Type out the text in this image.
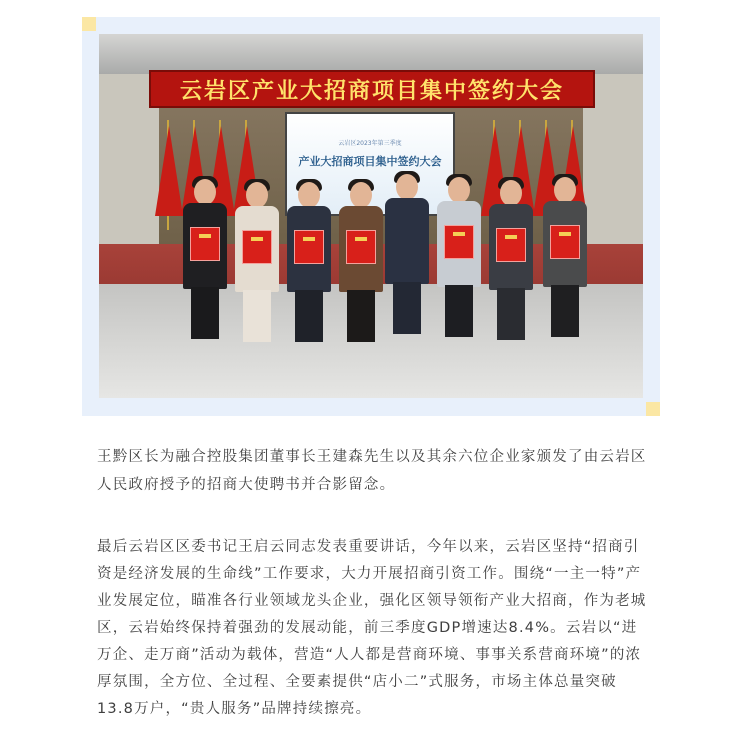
云岩区产业大招商项目集中签约大会
云岩区2023年第三季度
产业大招商项目集中签约大会

王黔区长为融合控股集团董事长王建森先生以及其余六位企业家颁发了由云岩区人民政府授予的招商大使聘书并合影留念。

最后云岩区区委书记王启云同志发表重要讲话，今年以来，云岩区坚持“招商引资是经济发展的生命线”工作要求，大力开展招商引资工作。围绕“一主一特”产业发展定位，瞄准各行业领域龙头企业，强化区领导领衔产业大招商，作为老城区，云岩始终保持着强劲的发展动能，前三季度GDP增速达8.4%。云岩以“进万企、走万商”活动为载体，营造“人人都是营商环境、事事关系营商环境”的浓厚氛围，全方位、全过程、全要素提供“店小二”式服务，市场主体总量突破13.8万户，“贵人服务”品牌持续擦亮。
